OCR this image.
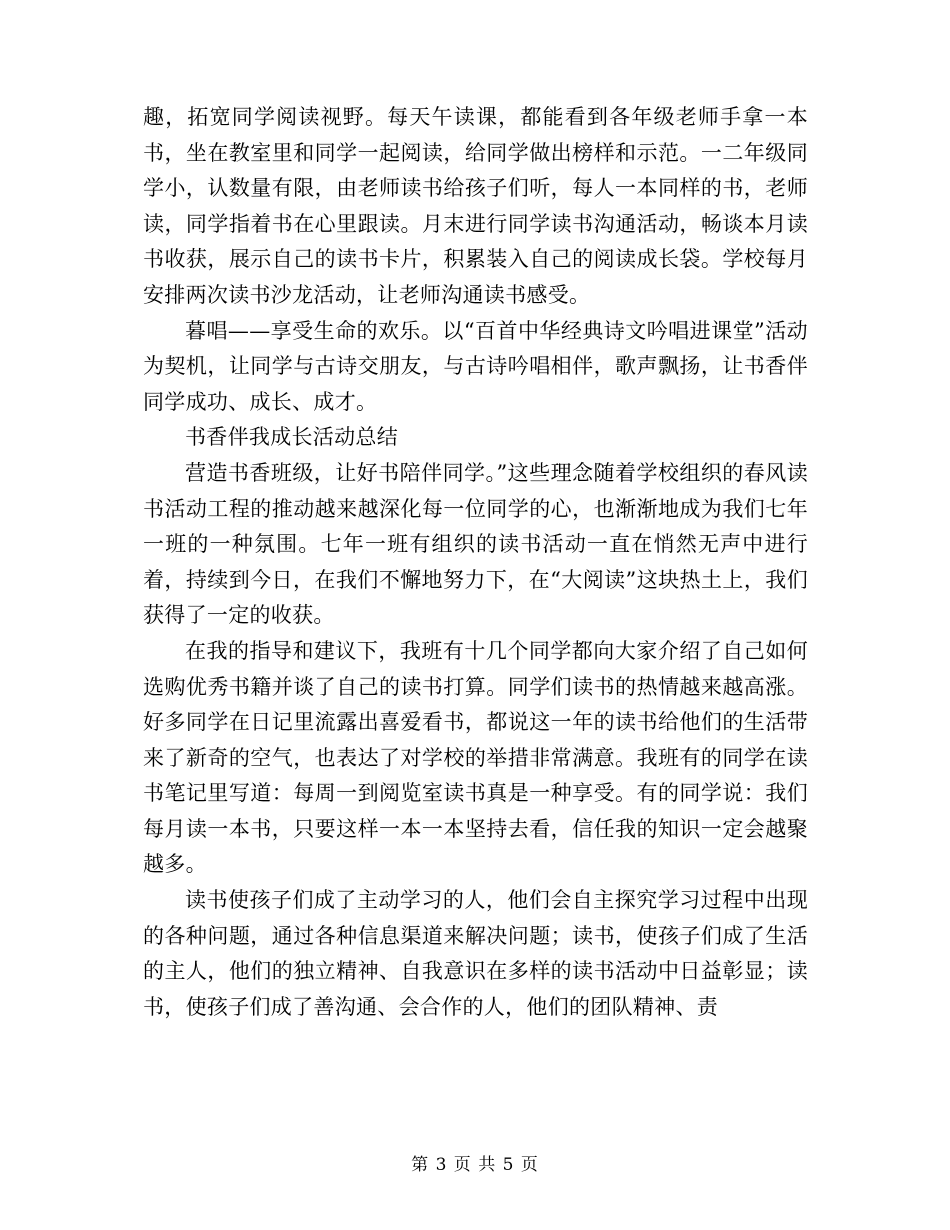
趣，拓宽同学阅读视野。每天午读课，都能看到各年级老师手拿一本书，坐在教室里和同学一起阅读，给同学做出榜样和示范。一二年级同学小，认数量有限，由老师读书给孩子们听，每人一本同样的书，老师读，同学指着书在心里跟读。月末进行同学读书沟通活动，畅谈本月读书收获，展示自己的读书卡片，积累装入自己的阅读成长袋。学校每月安排两次读书沙龙活动，让老师沟通读书感受。

暮唱——享受生命的欢乐。以“百首中华经典诗文吟唱进课堂”活动为契机，让同学与古诗交朋友，与古诗吟唱相伴，歌声飘扬，让书香伴同学成功、成长、成才。

书香伴我成长活动总结

营造书香班级，让好书陪伴同学。”这些理念随着学校组织的春风读书活动工程的推动越来越深化每一位同学的心，也渐渐地成为我们七年一班的一种氛围。七年一班有组织的读书活动一直在悄然无声中进行着，持续到今日，在我们不懈地努力下，在“大阅读”这块热土上，我们获得了一定的收获。

在我的指导和建议下，我班有十几个同学都向大家介绍了自己如何选购优秀书籍并谈了自己的读书打算。同学们读书的热情越来越高涨。好多同学在日记里流露出喜爱看书，都说这一年的读书给他们的生活带来了新奇的空气，也表达了对学校的举措非常满意。我班有的同学在读书笔记里写道：每周一到阅览室读书真是一种享受。有的同学说：我们每月读一本书，只要这样一本一本坚持去看，信任我的知识一定会越聚越多。

读书使孩子们成了主动学习的人，他们会自主探究学习过程中出现的各种问题，通过各种信息渠道来解决问题；读书，使孩子们成了生活的主人，他们的独立精神、自我意识在多样的读书活动中日益彰显；读书，使孩子们成了善沟通、会合作的人，他们的团队精神、责

第 3 页 共 5 页
